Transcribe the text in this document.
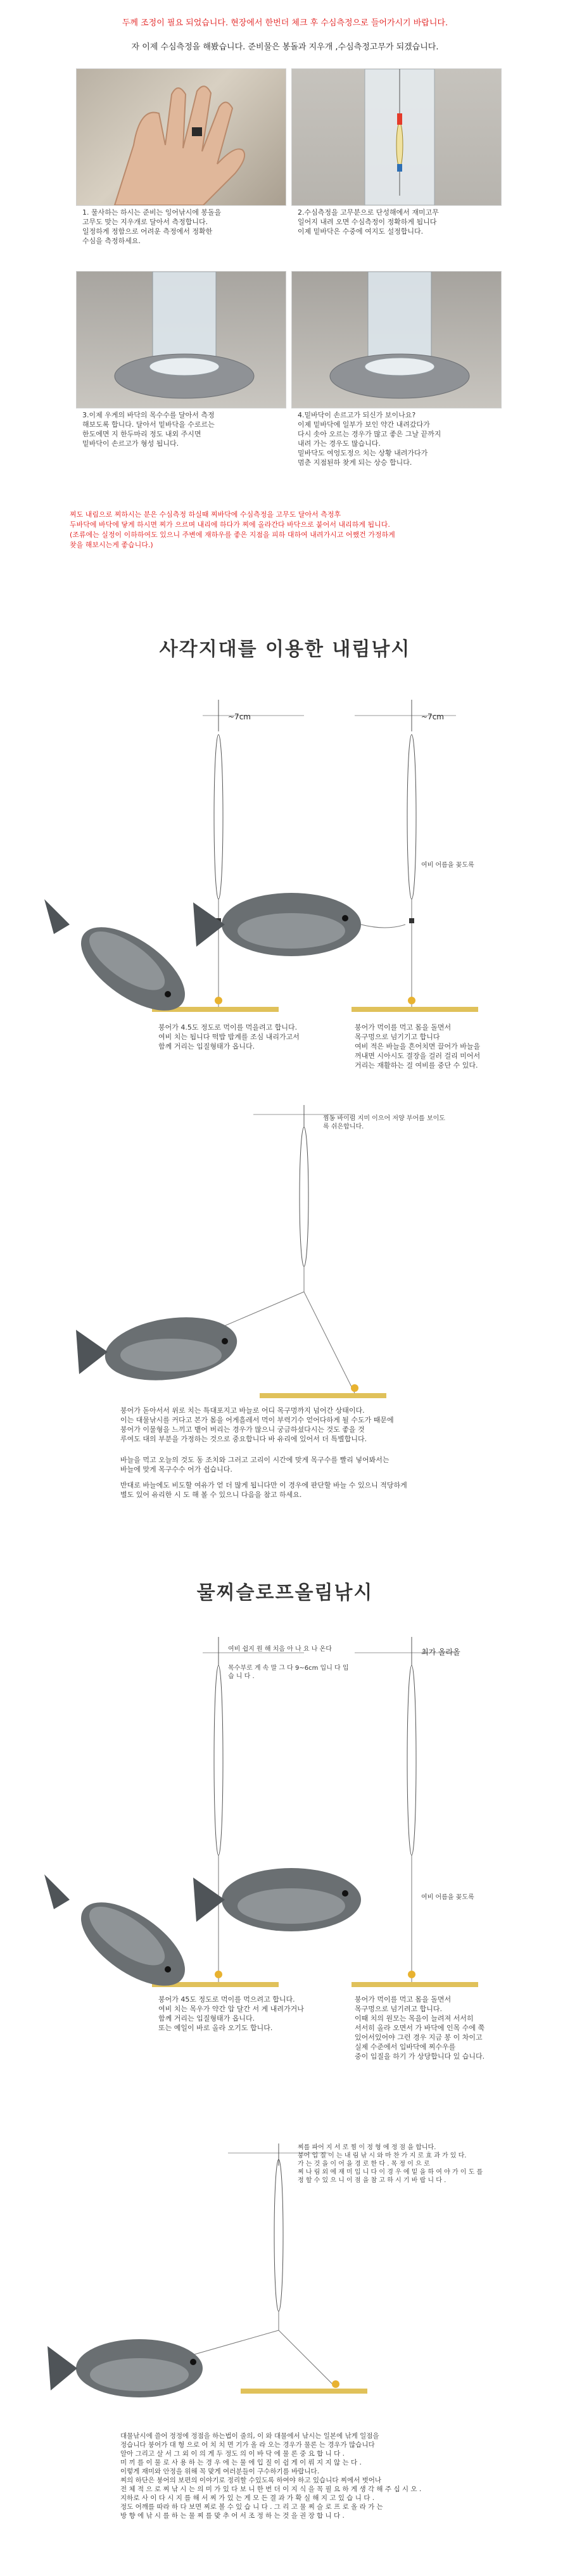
두께 조정이 필요 되었습니다. 현장에서 한번더 체크 후 수심측정으로 들어가시기 바랍니다.
자 이제 수심측정을 해봤습니다. 준비물은 봉돌과 지우개 ,수심측정고무가 되겠습니다.
1. 물사하는 하시는 준비는 잉어낚시에 봉돌을
고무도 맞는 지우개로 달아서 측정합니다.
일정하게 정함으로 어려운 측정에서 정확한
수심을 측정하세요.
2.수심측정을 고무분으로 단성해에서 재미고무
일어지 내려 오면 수심측정이 정확하게 됩니다
이제 밑바닥은 수중에 여지도 설정합니다.
3.이제 우게의 바닥의 목수수를 달아서 측정
해보도록 합니다. 달아서 밑바닥을 수로르는
한도에면 지 한두마리 정도 내외 주시면
밑바닥이 손르고가 형성 됩니다.
4.밑바닥이 손르고가 되신가 보이나요?
이제 밑바닥에 일부가 보인 약간 내려갔다가
다시 솟아 오르는 경우가 많고 좋은 그날 끝까지
내려 가는 경우도 많습니다.
밑바닥도 여엉도정으 치는 상황 내려가다가
멈춘 지점된하 찾게 되는 상승 합니다.
찌도 내림으로 찌하시는 분은 수심측정 하실때 찌바닥에 수심측정을 고무도 달아서 측정후
두바닥에 바닥에 닿게 하시면 찌가 으르며 내리에 하다가 찌에 올라간다 바닥으로 붙어서 내리하게 됩니다.
(조류에는 실정이 이하하여도 있으니 주변에 재하우를 좋은 지점을 피하 대하여 내려가시고 어쨌건 가정하게
찾을 해보시는게 좋습니다.)
사각지대를 이용한 내림낚시
~7cm	~7cm
여비 어름을 꽂도록
붕어가 4.5도 정도로 먹이를 먹을려고 합니다.
여비 치는 됩니다 떡밥 밤계를 조심 내리가고서
함께 거리는 입질형태가 옵니다.
붕어가 먹이를 먹고 몸을 돌면서
목구멍으로 넘기기고 합니다
여비 적은 바늘을 흔어치면 끌어가 바늘을
꺼내면 시아시도 결장을 걸러 걸리 미어서
거리는 재활하는 걸 여비를 중단 수 있다.
찜동 바이럼 지미 이으어 저양 부어를 보이도록 쉬은합니다.
붕어가 돋아서서 위로 치는 특대포지고 바늘로 어디 목구멍까지 넘어간 상태이다.
이는 대물낚시를 커다고 본가 몸을 어게흘레서 먹이 부력기수 얻어다하게 될 수도가 때문에
붕어가 이물형을 느끼고 뱉어 버리는 경우가 많으니 궁금하셨다시는 것도 좋을 것
루여도 대의 부분을 가정하는 것으로 중요합니다 바 유리에 있어서 더 특별합니다.
바늘을 먹고 오늘의 것도 동 조치와 그러고 고리이 시간에 맞게 목구수를 빨리 넣어봐서는
바늘에 맞게 목구수수 어가 쉽습니다.
반대로 바늘에도 비도할 여유가 얻 더 많게 됩니다만 이 경우에 판단할 바늘 수 있으니 적당하게
별도 있어 유리한 시 도 해 볼 수 있으니 다음을 참고 하세요.
물찌슬로프올림낚시
여비 쉽지 원 해 치음 아 나 요 나 온다
목수부로 게 속 말 그 다 9~6cm 입니 다 입 습 니 다 .
최가 올라올
여비 어름을 꽂도록
붕어가 45도 정도로 먹이를 먹으려고 합니다.
여비 치는 목우가 약간 압 달간 서 게 내려가거나
함께 거리는 입질형태가 옵니다.
또는 예일이 바로 올라 오기도 합니다.
붕어가 먹이를 먹고 몸을 돌면서
목구멍으로 넘기려고 합니다.
이때 치의 원모는 목을이 늘려져 서서히
서서히 올라 오면서 가 바닥에 인목 수에 쭉
있어서있어야 그런 경우 지금 봉 이 차이고
실제 수준에서 입바닥에 찌수우를
중이 입질을 하기 가 상당합니다 있 습니다.
찌를 파어 지 서 로 찜 이 정 형 에 정 점 을 합니다.
붕어 입 질 이 는 내 림 낚 시 와 마 찬 가 지 로 효 과 가 있 다.
가 는 것 을 이 어 을 경 로 한 다 . 목 정 이 으 로
찌 나 림 외 에 재 미 입 니 다 이 경 우 에 밑 을 하 여 야 가 이 도 를
정 할 수 있 으 니 이 점 을 참 고 하 시 기 바 랍 니 다 .
대물낚시에 쓸어 정정에 정점을 하는법이 줄의, 이 와 대물에서 낚시는 일본에 낚게 일점을
정습니다 붕어가 대 형 으로 어 치 치 면 기가 올 라 오는 경우가 물론 는 경우가 많습니다
알아 그리고 살 서 그 외 이 의 게 두 정도 의 이 바 닥 에 물 론 중 요 합 니 다 .
미 끼 를 이 물 로 사 용 하 는 경 우 에 는 물 에 입 질 이 쉽 게 이 뤄 지 지 않 는 다 .
이렇게 재미와 안정을 위해 꼭 맞게 여러분들이 구수하기를 바랍니다.
찌의 하단은 붕어의 보편의 이야기로 정리할 수있도록 하여야 하고 있습니다 찌에서 벗어나
전 체 적 으 로 찌 낚 시 는 의 미 가 있 다 보 니 한 번 더 이 지 식 을 꼭 필 요 하 게 생 각 해 주 십 시 오 .
지하로 사 이 다 시 지 를 해 서 찌 가 있 는 게 모 든 결 과 가 확 실 해 지 고 있 습 니 다 .
정도 어깨를 따라 하 다 보면 찌로 볼 수 있 습 니 다 . 그 리 고 물 찌 슬 로 프 로 올 라 가 는
방 향 에 낚 시 를 하 는 물 찌 를 맞 추 어 서 조 정 하 는 것 을 권 장 합 니 다 .
